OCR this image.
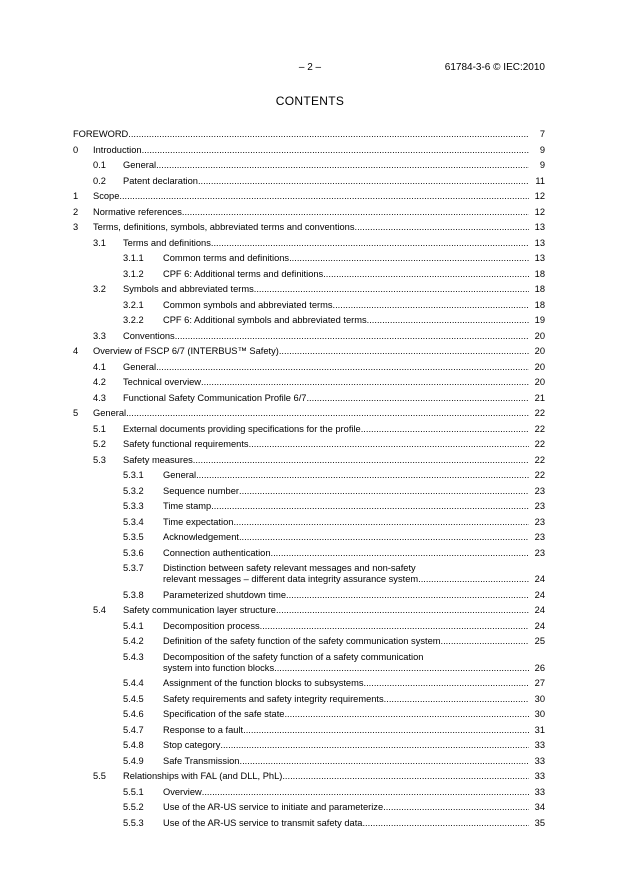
– 2 –	61784-3-6 © IEC:2010
CONTENTS
FOREWORD .....	7
0 Introduction .....	9
0.1 General .....	9
0.2 Patent declaration .....	11
1 Scope .....	12
2 Normative references .....	12
3 Terms, definitions, symbols, abbreviated terms and conventions .....	13
3.1 Terms and definitions .....	13
3.1.1 Common terms and definitions .....	13
3.1.2 CPF 6: Additional terms and definitions .....	18
3.2 Symbols and abbreviated terms .....	18
3.2.1 Common symbols and abbreviated terms .....	18
3.2.2 CPF 6: Additional symbols and abbreviated terms .....	19
3.3 Conventions .....	20
4 Overview of FSCP 6/7 (INTERBUS™ Safety) .....	20
4.1 General .....	20
4.2 Technical overview .....	20
4.3 Functional Safety Communication Profile 6/7 .....	21
5 General .....	22
5.1 External documents providing specifications for the profile .....	22
5.2 Safety functional requirements .....	22
5.3 Safety measures .....	22
5.3.1 General .....	22
5.3.2 Sequence number .....	23
5.3.3 Time stamp .....	23
5.3.4 Time expectation .....	23
5.3.5 Acknowledgement .....	23
5.3.6 Connection authentication .....	23
5.3.7 Distinction between safety relevant messages and non-safety
relevant messages – different data integrity assurance system .....	24
5.3.8 Parameterized shutdown time .....	24
5.4 Safety communication layer structure .....	24
5.4.1 Decomposition process .....	24
5.4.2 Definition of the safety function of the safety communication system .....	25
5.4.3 Decomposition of the safety function of a safety communication
system into function blocks .....	26
5.4.4 Assignment of the function blocks to subsystems .....	27
5.4.5 Safety requirements and safety integrity requirements .....	30
5.4.6 Specification of the safe state .....	30
5.4.7 Response to a fault .....	31
5.4.8 Stop category .....	33
5.4.9 Safe Transmission .....	33
5.5 Relationships with FAL (and DLL, PhL) .....	33
5.5.1 Overview .....	33
5.5.2 Use of the AR-US service to initiate and parameterize .....	34
5.5.3 Use of the AR-US service to transmit safety data .....	35
